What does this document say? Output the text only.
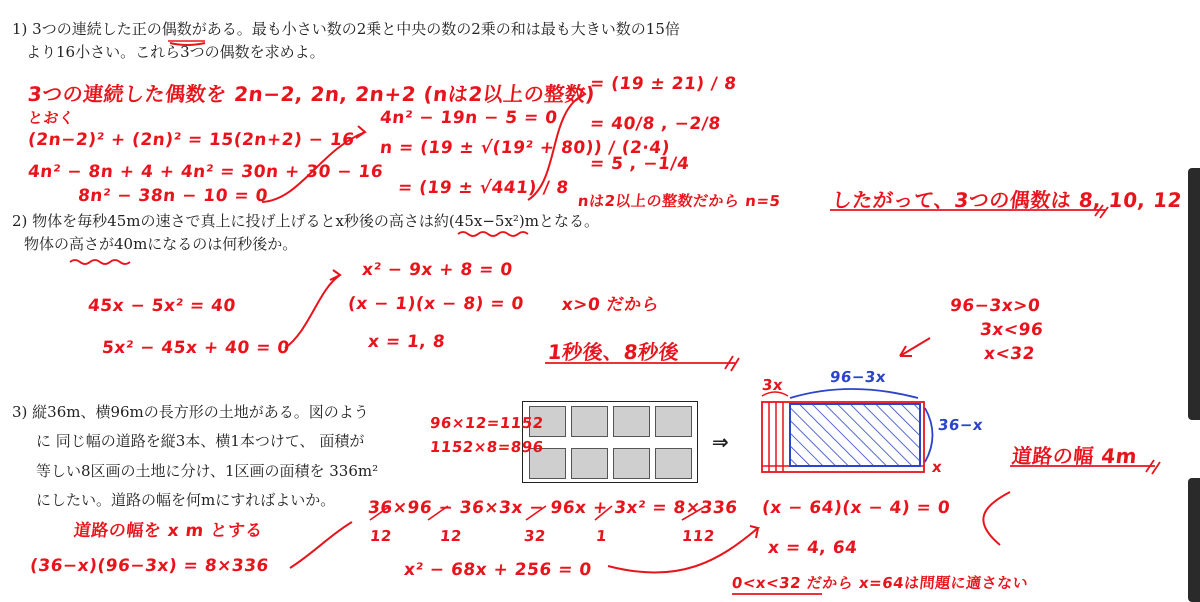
1) 3つの連続した正の偶数がある。最も小さい数の2乗と中央の数の2乗の和は最も大きい数の15倍
より16小さい。これら3つの偶数を求めよ。
2) 物体を毎秒45mの速さで真上に投げ上げるとx秒後の高さは約(45x−5x²)mとなる。
物体の高さが40mになるのは何秒後か。
3) 縦36m、横96mの長方形の土地がある。図のよう
に 同じ幅の道路を縦3本、横1本つけて、 面積が
等しい8区画の土地に分け、1区画の面積を 336m²
にしたい。道路の幅を何mにすればよいか。
3つの連続した偶数を 2n−2, 2n, 2n+2 (nは2以上の整数)
とおく
(2n−2)² + (2n)² = 15(2n+2) − 16
4n² − 8n + 4 + 4n² = 30n + 30 − 16
8n² − 38n − 10 = 0
4n² − 19n − 5 = 0
n = (19 ± √(19² + 80)) / (2·4)
= (19 ± √441) / 8
= (19 ± 21) / 8
= 40/8 , −2/8
= 5 , −1/4
nは2以上の整数だから n=5 したがって、3つの偶数は 8, 10, 12
45x − 5x² = 40
5x² − 45x + 40 = 0
x² − 9x + 8 = 0
(x − 1)(x − 8) = 0
x = 1, 8
x>0 だから
1秒後、8秒後
96−3x>0
3x<96
x<32
96×12=1152
1152×8=896	⇒
96−3x
3x
36−x
x
道路の幅を x m とする
(36−x)(96−3x) = 8×336
36×96 − 36×3x − 96x + 3x² = 8×336
12	12	32	1	112
x² − 68x + 256 = 0
(x − 64)(x − 4) = 0
x = 4, 64
0<x<32 だから x=64は問題に適さない
道路の幅 4m
